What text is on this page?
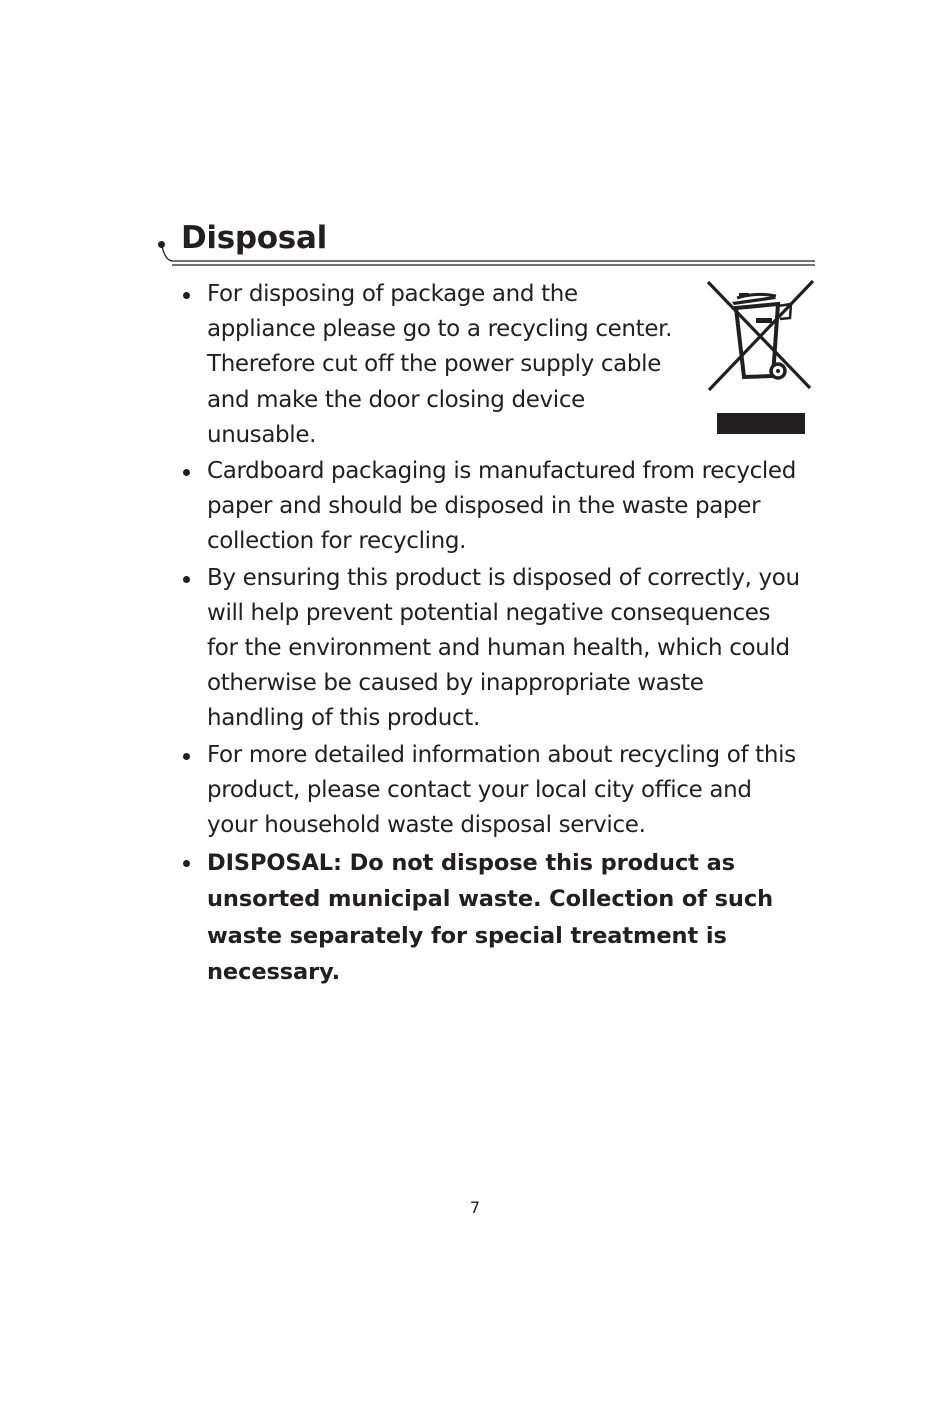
Disposal
For disposing of package and the
appliance please go to a recycling center.
Therefore cut off the power supply cable
and make the door closing device
unusable.
Cardboard packaging is manufactured from recycled
paper and should be disposed in the waste paper
collection for recycling.
By ensuring this product is disposed of correctly, you
will help prevent potential negative consequences
for the environment and human health, which could
otherwise be caused by inappropriate waste
handling of this product.
For more detailed information about recycling of this
product, please contact your local city office and
your household waste disposal service.
DISPOSAL: Do not dispose this product as
unsorted municipal waste. Collection of such
waste separately for special treatment is
necessary.
7
